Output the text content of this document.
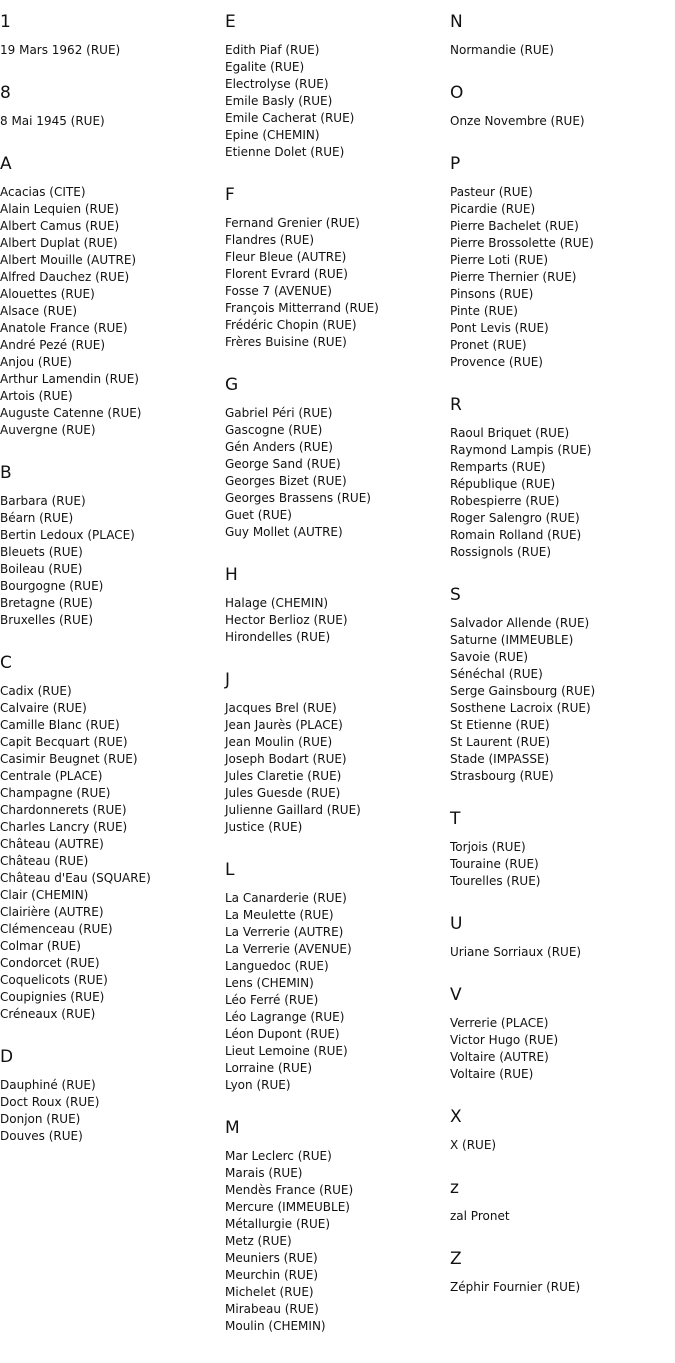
1
19 Mars 1962 (RUE)
8
8 Mai 1945 (RUE)
A
Acacias (CITE)
Alain Lequien (RUE)
Albert Camus (RUE)
Albert Duplat (RUE)
Albert Mouille (AUTRE)
Alfred Dauchez (RUE)
Alouettes (RUE)
Alsace (RUE)
Anatole France (RUE)
André Pezé (RUE)
Anjou (RUE)
Arthur Lamendin (RUE)
Artois (RUE)
Auguste Catenne (RUE)
Auvergne (RUE)
B
Barbara (RUE)
Béarn (RUE)
Bertin Ledoux (PLACE)
Bleuets (RUE)
Boileau (RUE)
Bourgogne (RUE)
Bretagne (RUE)
Bruxelles (RUE)
C
Cadix (RUE)
Calvaire (RUE)
Camille Blanc (RUE)
Capit Becquart (RUE)
Casimir Beugnet (RUE)
Centrale (PLACE)
Champagne (RUE)
Chardonnerets (RUE)
Charles Lancry (RUE)
Château (AUTRE)
Château (RUE)
Château d'Eau (SQUARE)
Clair (CHEMIN)
Clairière (AUTRE)
Clémenceau (RUE)
Colmar (RUE)
Condorcet (RUE)
Coquelicots (RUE)
Coupignies (RUE)
Créneaux (RUE)
D
Dauphiné (RUE)
Doct Roux (RUE)
Donjon (RUE)
Douves (RUE)
E
Edith Piaf (RUE)
Egalite (RUE)
Electrolyse (RUE)
Emile Basly (RUE)
Emile Cacherat (RUE)
Epine (CHEMIN)
Etienne Dolet (RUE)
F
Fernand Grenier (RUE)
Flandres (RUE)
Fleur Bleue (AUTRE)
Florent Evrard (RUE)
Fosse 7 (AVENUE)
François Mitterrand (RUE)
Frédéric Chopin (RUE)
Frères Buisine (RUE)
G
Gabriel Péri (RUE)
Gascogne (RUE)
Gén Anders (RUE)
George Sand (RUE)
Georges Bizet (RUE)
Georges Brassens (RUE)
Guet (RUE)
Guy Mollet (AUTRE)
H
Halage (CHEMIN)
Hector Berlioz (RUE)
Hirondelles (RUE)
J
Jacques Brel (RUE)
Jean Jaurès (PLACE)
Jean Moulin (RUE)
Joseph Bodart (RUE)
Jules Claretie (RUE)
Jules Guesde (RUE)
Julienne Gaillard (RUE)
Justice (RUE)
L
La Canarderie (RUE)
La Meulette (RUE)
La Verrerie (AUTRE)
La Verrerie (AVENUE)
Languedoc (RUE)
Lens (CHEMIN)
Léo Ferré (RUE)
Léo Lagrange (RUE)
Léon Dupont (RUE)
Lieut Lemoine (RUE)
Lorraine (RUE)
Lyon (RUE)
M
Mar Leclerc (RUE)
Marais (RUE)
Mendès France (RUE)
Mercure (IMMEUBLE)
Métallurgie (RUE)
Metz (RUE)
Meuniers (RUE)
Meurchin (RUE)
Michelet (RUE)
Mirabeau (RUE)
Moulin (CHEMIN)
N
Normandie (RUE)
O
Onze Novembre (RUE)
P
Pasteur (RUE)
Picardie (RUE)
Pierre Bachelet (RUE)
Pierre Brossolette (RUE)
Pierre Loti (RUE)
Pierre Thernier (RUE)
Pinsons (RUE)
Pinte (RUE)
Pont Levis (RUE)
Pronet (RUE)
Provence (RUE)
R
Raoul Briquet (RUE)
Raymond Lampis (RUE)
Remparts (RUE)
République (RUE)
Robespierre (RUE)
Roger Salengro (RUE)
Romain Rolland (RUE)
Rossignols (RUE)
S
Salvador Allende (RUE)
Saturne (IMMEUBLE)
Savoie (RUE)
Sénéchal (RUE)
Serge Gainsbourg (RUE)
Sosthene Lacroix (RUE)
St Etienne (RUE)
St Laurent (RUE)
Stade (IMPASSE)
Strasbourg (RUE)
T
Torjois (RUE)
Touraine (RUE)
Tourelles (RUE)
U
Uriane Sorriaux (RUE)
V
Verrerie (PLACE)
Victor Hugo (RUE)
Voltaire (AUTRE)
Voltaire (RUE)
X
X (RUE)
z
zal Pronet
Z
Zéphir Fournier (RUE)
